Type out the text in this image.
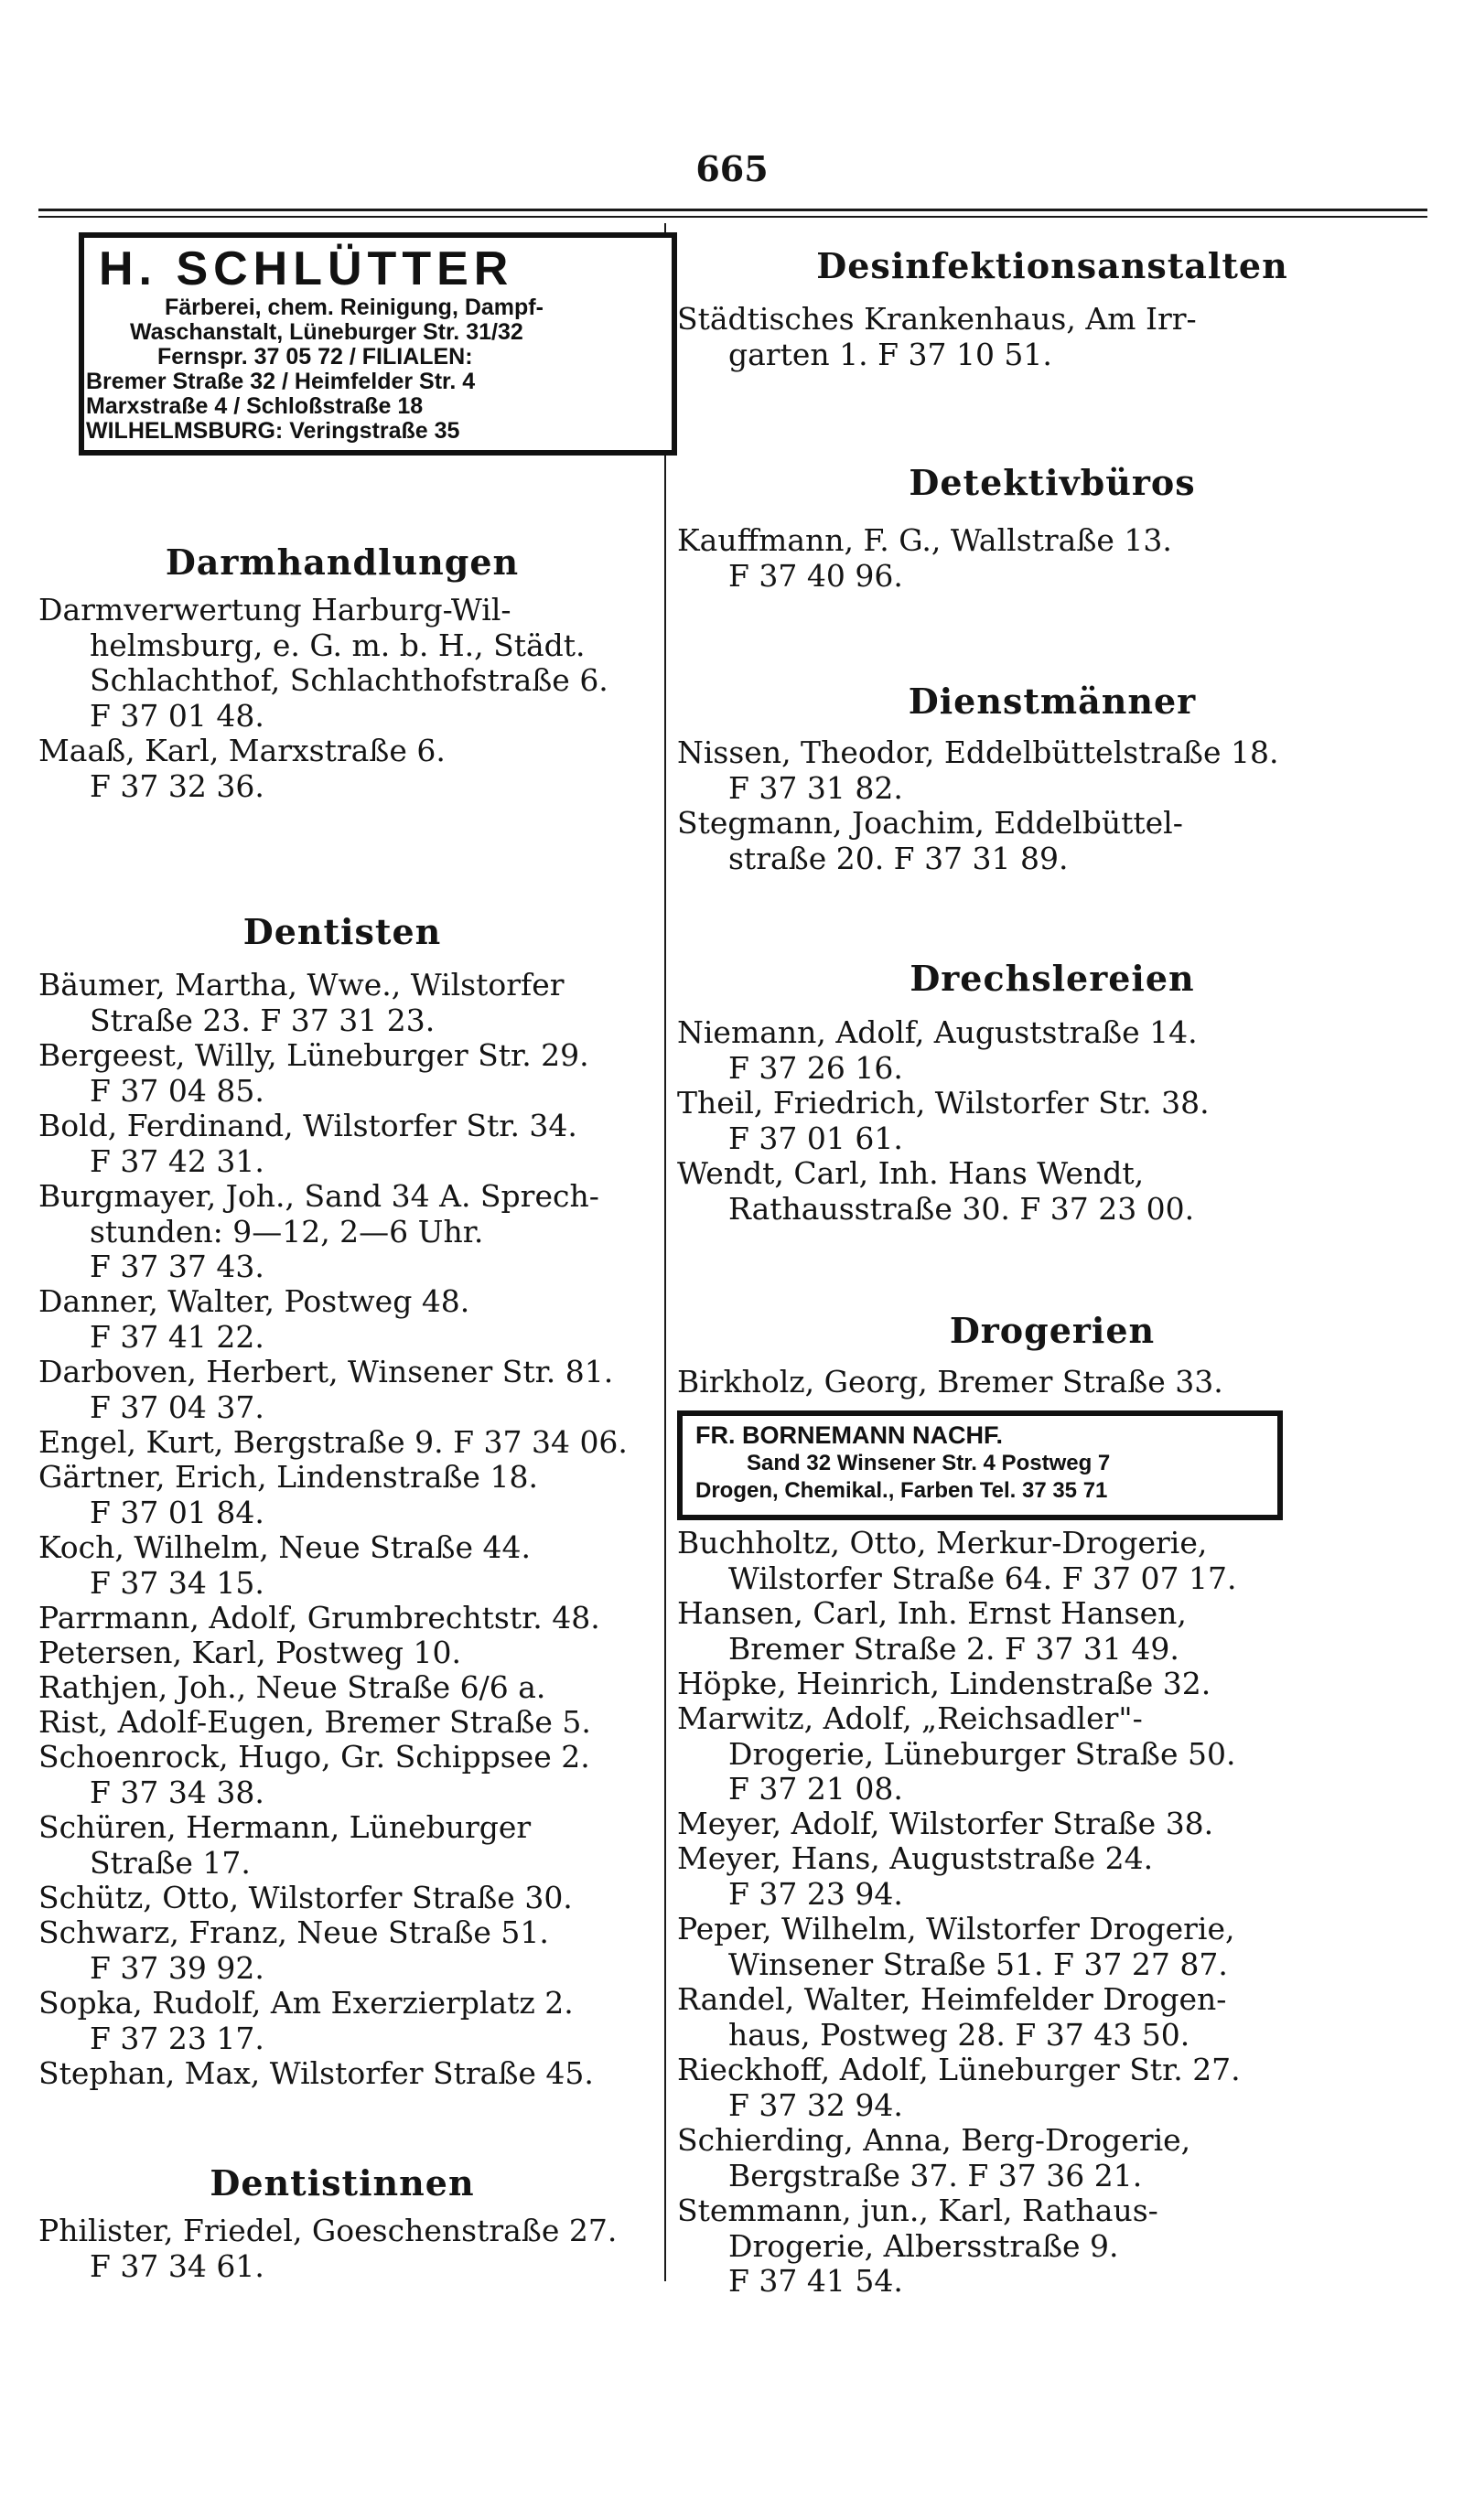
665
H. SCHLÜTTER
Färberei, chem. Reinigung, Dampf-
Waschanstalt, Lüneburger Str. 31/32
Fernspr. 37 05 72 / FILIALEN:
Bremer Straße 32 / Heimfelder Str. 4
Marxstraße 4 / Schloßstraße 18
WILHELMSBURG: Veringstraße 35
Darmhandlungen
Darmverwertung Harburg-Wil-
helmsburg, e. G. m. b. H., Städt.
Schlachthof, Schlachthofstraße 6.
F 37 01 48.
Maaß, Karl, Marxstraße 6.
F 37 32 36.
Dentisten
Bäumer, Martha, Wwe., Wilstorfer
Straße 23. F 37 31 23.
Bergeest, Willy, Lüneburger Str. 29.
F 37 04 85.
Bold, Ferdinand, Wilstorfer Str. 34.
F 37 42 31.
Burgmayer, Joh., Sand 34 A. Sprech-
stunden: 9—12, 2—6 Uhr.
F 37 37 43.
Danner, Walter, Postweg 48.
F 37 41 22.
Darboven, Herbert, Winsener Str. 81.
F 37 04 37.
Engel, Kurt, Bergstraße 9. F 37 34 06.
Gärtner, Erich, Lindenstraße 18.
F 37 01 84.
Koch, Wilhelm, Neue Straße 44.
F 37 34 15.
Parrmann, Adolf, Grumbrechtstr. 48.
Petersen, Karl, Postweg 10.
Rathjen, Joh., Neue Straße 6/6 a.
Rist, Adolf-Eugen, Bremer Straße 5.
Schoenrock, Hugo, Gr. Schippsee 2.
F 37 34 38.
Schüren, Hermann, Lüneburger
Straße 17.
Schütz, Otto, Wilstorfer Straße 30.
Schwarz, Franz, Neue Straße 51.
F 37 39 92.
Sopka, Rudolf, Am Exerzierplatz 2.
F 37 23 17.
Stephan, Max, Wilstorfer Straße 45.
Dentistinnen
Philister, Friedel, Goeschenstraße 27.
F 37 34 61.
Desinfektionsanstalten
Städtisches Krankenhaus, Am Irr-
garten 1. F 37 10 51.
Detektivbüros
Kauffmann, F. G., Wallstraße 13.
F 37 40 96.
Dienstmänner
Nissen, Theodor, Eddelbüttelstraße 18.
F 37 31 82.
Stegmann, Joachim, Eddelbüttel-
straße 20. F 37 31 89.
Drechslereien
Niemann, Adolf, Auguststraße 14.
F 37 26 16.
Theil, Friedrich, Wilstorfer Str. 38.
F 37 01 61.
Wendt, Carl, Inh. Hans Wendt,
Rathausstraße 30. F 37 23 00.
Drogerien
Birkholz, Georg, Bremer Straße 33.
FR. BORNEMANN NACHF.
Sand 32 Winsener Str. 4 Postweg 7
Drogen, Chemikal., Farben Tel. 37 35 71
Buchholtz, Otto, Merkur-Drogerie,
Wilstorfer Straße 64. F 37 07 17.
Hansen, Carl, Inh. Ernst Hansen,
Bremer Straße 2. F 37 31 49.
Höpke, Heinrich, Lindenstraße 32.
Marwitz, Adolf, „Reichsadler"-
Drogerie, Lüneburger Straße 50.
F 37 21 08.
Meyer, Adolf, Wilstorfer Straße 38.
Meyer, Hans, Auguststraße 24.
F 37 23 94.
Peper, Wilhelm, Wilstorfer Drogerie,
Winsener Straße 51. F 37 27 87.
Randel, Walter, Heimfelder Drogen-
haus, Postweg 28. F 37 43 50.
Rieckhoff, Adolf, Lüneburger Str. 27.
F 37 32 94.
Schierding, Anna, Berg-Drogerie,
Bergstraße 37. F 37 36 21.
Stemmann, jun., Karl, Rathaus-
Drogerie, Albersstraße 9.
F 37 41 54.
